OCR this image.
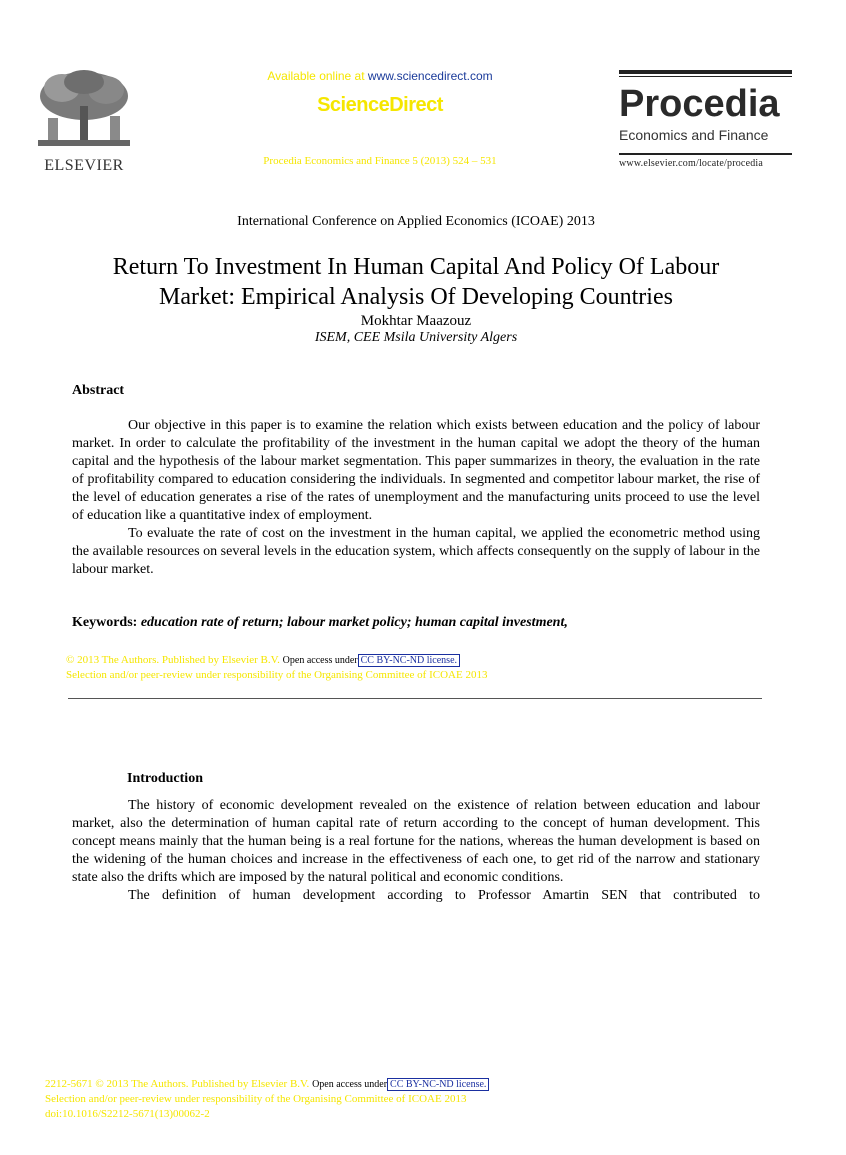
ELSEVIER
Available online at www.sciencedirect.com
ScienceDirect
Procedia Economics and Finance 5 (2013) 524 – 531
Procedia
Economics and Finance
www.elsevier.com/locate/procedia
International Conference on Applied Economics (ICOAE) 2013
Return To Investment In Human Capital And Policy Of Labour
Market: Empirical Analysis Of Developing Countries
Mokhtar Maazouz
ISEM, CEE Msila University Algers
Abstract

Our objective in this paper is to examine the relation which exists between education and the policy of labour market. In order to calculate the profitability of the investment in the human capital we adopt the theory of the human capital and the hypothesis of the labour market segmentation. This paper summarizes in theory, the evaluation in the rate of profitability compared to education considering the individuals. In segmented and competitor labour market, the rise of the level of education generates a rise of the rates of unemployment and the manufacturing units proceed to use the level of education like a quantitative index of employment.

To evaluate the rate of cost on the investment in the human capital, we applied the econometric method using the available resources on several levels in the education system, which affects consequently on the supply of labour in the labour market.

Keywords: education rate of return; labour market policy; human capital investment,
© 2013 The Authors. Published by Elsevier B.V. Open access under CC BY-NC-ND license.
Selection and/or peer-review under responsibility of the Organising Committee of ICOAE 2013
Introduction

The history of economic development revealed on the existence of relation between education and labour market, also the determination of human capital rate of return according to the concept of human development. This concept means mainly that the human being is a real fortune for the nations, whereas the human development is based on the widening of the human choices and increase in the effectiveness of each one, to get rid of the narrow and stationary state also the drifts which are imposed by the natural political and economic conditions.

The definition of human development according to Professor Amartin SEN that contributed to

2212-5671 © 2013 The Authors. Published by Elsevier B.V. Open access under CC BY-NC-ND license.
Selection and/or peer-review under responsibility of the Organising Committee of ICOAE 2013
doi:10.1016/S2212-5671(13)00062-2
